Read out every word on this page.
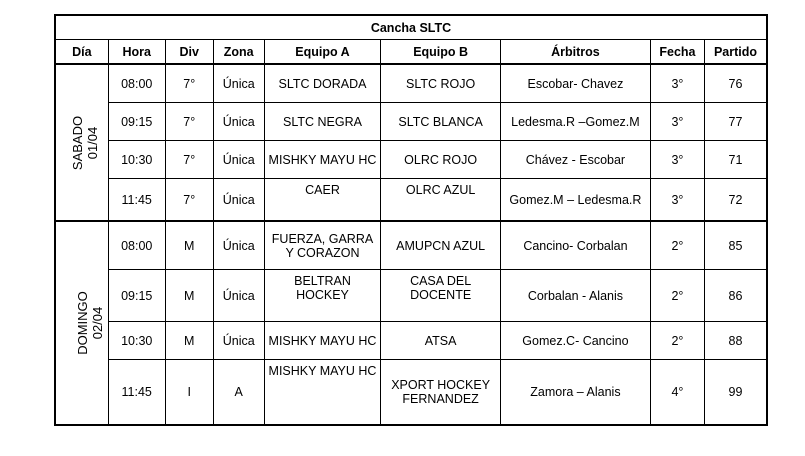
Cancha SLTC								
Día	Hora	Div	Zona	Equipo A	Equipo B	Árbitros	Fecha	Partido

SABADO 01/04	08:00	7°	Única	SLTC DORADA	SLTC ROJO	Escobar- Chavez	3°	76
	09:15	7°	Única	SLTC NEGRA	SLTC BLANCA	Ledesma.R –Gomez.M	3°	77
	10:30	7°	Única	MISHKY MAYU HC	OLRC ROJO	Chávez - Escobar	3°	71
	11:45	7°	Única	CAER	OLRC AZUL	Gomez.M – Ledesma.R	3°	72

DOMINGO 02/04	08:00	M	Única	FUERZA, GARRA Y CORAZON	AMUPCN AZUL	Cancino- Corbalan	2°	85
	09:15	M	Única	BELTRAN HOCKEY	CASA DEL DOCENTE	Corbalan - Alanis	2°	86
	10:30	M	Única	MISHKY MAYU HC	ATSA	Gomez.C- Cancino	2°	88
	11:45	I	A	MISHKY MAYU HC	XPORT HOCKEY FERNANDEZ	Zamora – Alanis	4°	99
